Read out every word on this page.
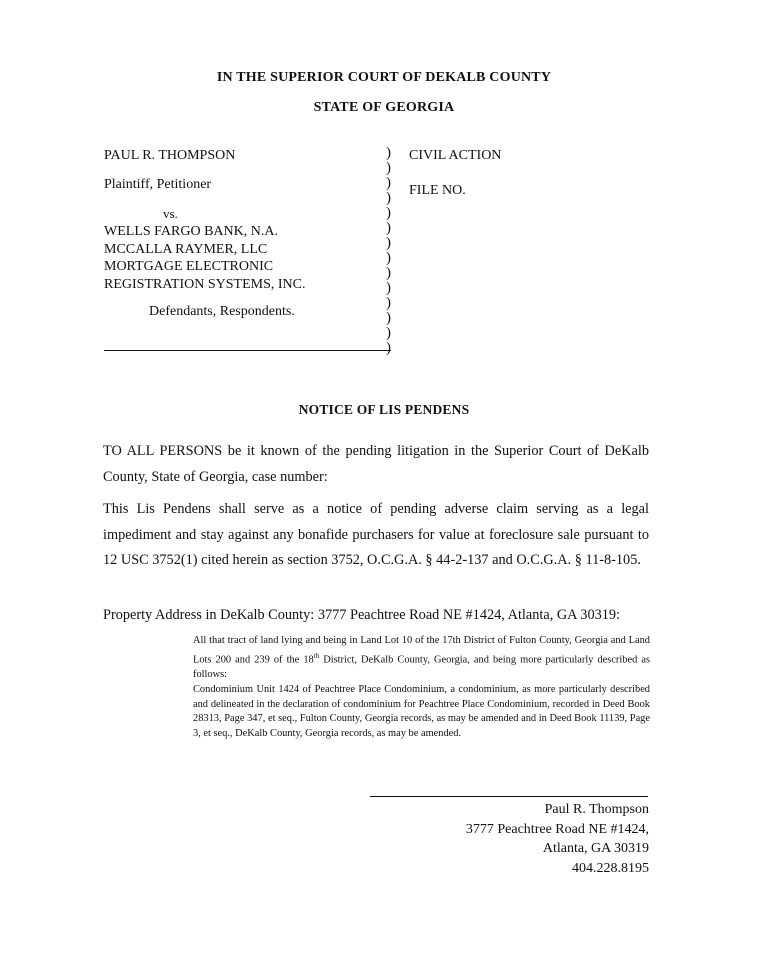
IN THE SUPERIOR COURT OF DEKALB COUNTY
STATE OF GEORGIA
PAUL R. THOMPSON
Plaintiff, Petitioner
vs.
WELLS FARGO BANK, N.A.
MCCALLA RAYMER, LLC
MORTGAGE ELECTRONIC
REGISTRATION SYSTEMS, INC.
Defendants, Respondents.
)
)
)
)
)
)
)
)
)
)
)
)
)
)
CIVIL ACTION
FILE NO.
NOTICE OF LIS PENDENS
TO ALL PERSONS be it known of the pending litigation in the Superior Court of DeKalb County, State of Georgia, case number:
This Lis Pendens shall serve as a notice of pending adverse claim serving as a legal impediment and stay against any bonafide purchasers for value at foreclosure sale pursuant to 12 USC 3752(1) cited herein as section 3752, O.C.G.A. § 44-2-137 and O.C.G.A. § 11-8-105.
Property Address in DeKalb County: 3777 Peachtree Road NE #1424, Atlanta, GA 30319:

All that tract of land lying and being in Land Lot 10 of the 17th District of Fulton County, Georgia and Land Lots 200 and 239 of the 18th District, DeKalb County, Georgia, and being more particularly described as follows:

Condominium Unit 1424 of Peachtree Place Condominium, a condominium, as more particularly described and delineated in the declaration of condominium for Peachtree Place Condominium, recorded in Deed Book 28313, Page 347, et seq., Fulton County, Georgia records, as may be amended and in Deed Book 11139, Page 3, et seq., DeKalb County, Georgia records, as may be amended.

Paul R. Thompson
3777 Peachtree Road NE #1424,
Atlanta, GA 30319
404.228.8195
